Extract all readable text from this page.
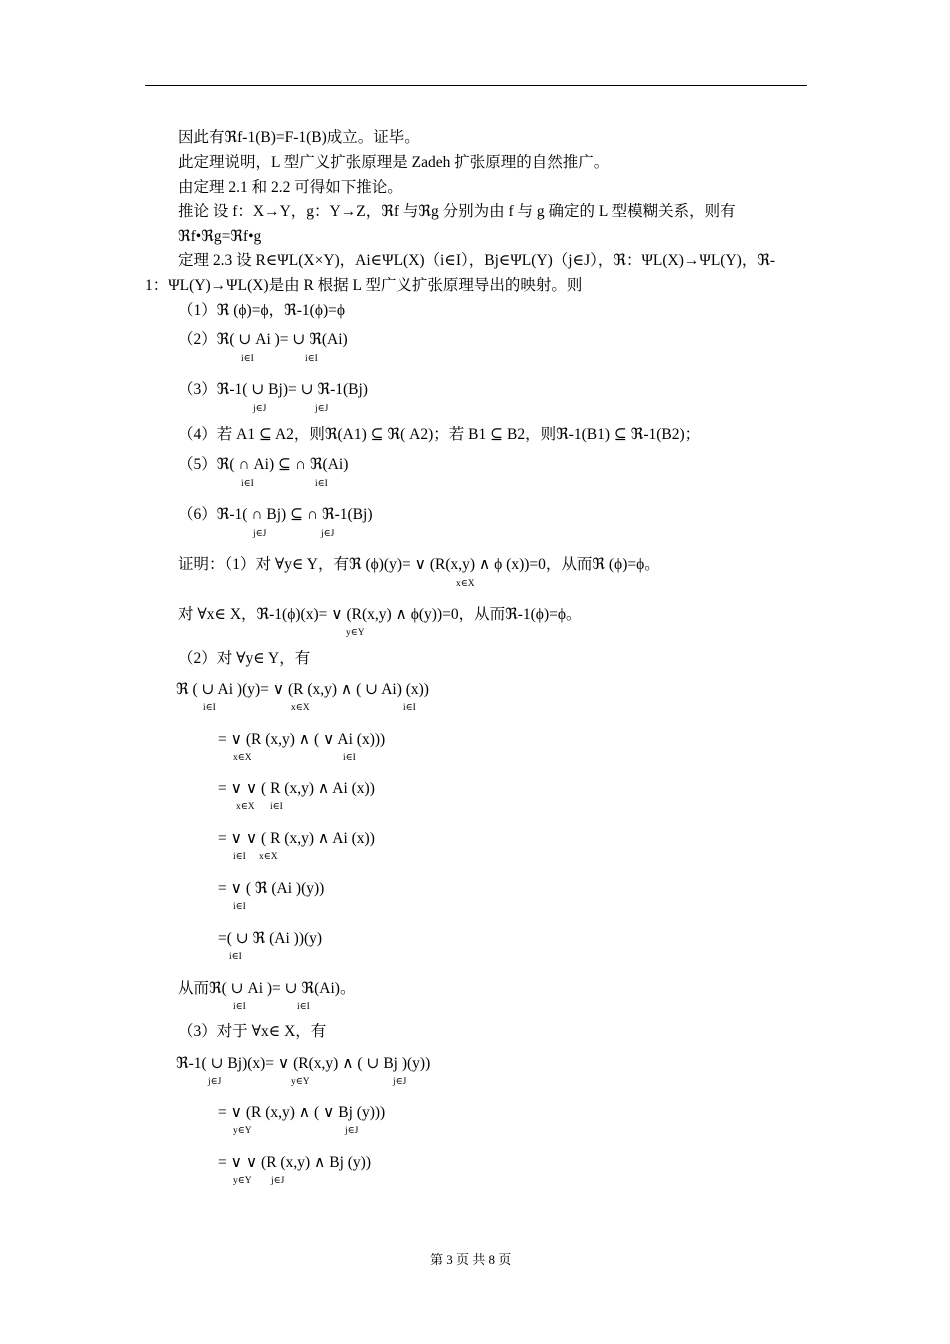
因此有ℜf-1(B)=F-1(B)成立。证毕。
此定理说明，L 型广义扩张原理是 Zadeh 扩张原理的自然推广。
由定理 2.1 和 2.2 可得如下推论。
推论 设 f：X→Y，g：Y→Z，ℜf 与ℜg 分别为由 f 与 g 确定的 L 型模糊关系，则有
ℜf•ℜg=ℜf•g
定理 2.3 设 R∈ΨL(X×Y)，Ai∈ΨL(X)（i∈I），Bj∈ΨL(Y)（j∈J），ℜ：ΨL(X)→ΨL(Y)，ℜ-
1：ΨL(Y)→ΨL(X)是由 R 根据 L 型广义扩张原理导出的映射。则
（1）ℜ (ϕ)=ϕ，ℜ-1(ϕ)=ϕ
（2）ℜ( ∪ Ai )= ∪ ℜ(Ai)
（3）ℜ-1( ∪ Bj)= ∪ ℜ-1(Bj)
（4）若 A1 ⊆ A2，则ℜ(A1) ⊆ ℜ( A2)；若 B1 ⊆ B2，则ℜ-1(B1) ⊆ ℜ-1(B2)；
（5）ℜ( ∩ Ai) ⊆ ∩ ℜ(Ai)
（6）ℜ-1( ∩ Bj) ⊆ ∩ ℜ-1(Bj)
证明：（1）对 ∀y∈ Y，有ℜ (ϕ)(y)= ∨ (R(x,y) ∧ ϕ (x))=0，从而ℜ (ϕ)=ϕ。
对 ∀x∈ X，ℜ-1(ϕ)(x)= ∨ (R(x,y) ∧ ϕ(y))=0，从而ℜ-1(ϕ)=ϕ。
（2）对 ∀y∈ Y，有
ℜ ( ∪ Ai )(y)= ∨ (R (x,y) ∧ ( ∪ Ai) (x))
= ∨ (R (x,y) ∧ ( ∨ Ai (x)))
= ∨ ∨ ( R (x,y) ∧ Ai (x))
= ∨ ∨ ( R (x,y) ∧ Ai (x))
= ∨ ( ℜ (Ai )(y))
=( ∪ ℜ (Ai ))(y)
从而ℜ( ∪ Ai )= ∪ ℜ(Ai)。
（3）对于 ∀x∈ X，有
ℜ-1( ∪ Bj)(x)= ∨ (R(x,y) ∧ ( ∪ Bj )(y))
= ∨ (R (x,y) ∧ ( ∨ Bj (y)))
= ∨ ∨ (R (x,y) ∧ Bj (y))
i∈I	i∈I
j∈J	j∈J
i∈I	i∈I
j∈J	j∈J
x∈X
y∈Y
i∈I	x∈X	i∈I
x∈X	i∈I
x∈X i∈I
i∈I x∈X
i∈I
i∈I
i∈I	i∈I
j∈J	y∈Y	j∈J
y∈Y	j∈J
y∈Y j∈J
第 3 页 共 8 页
